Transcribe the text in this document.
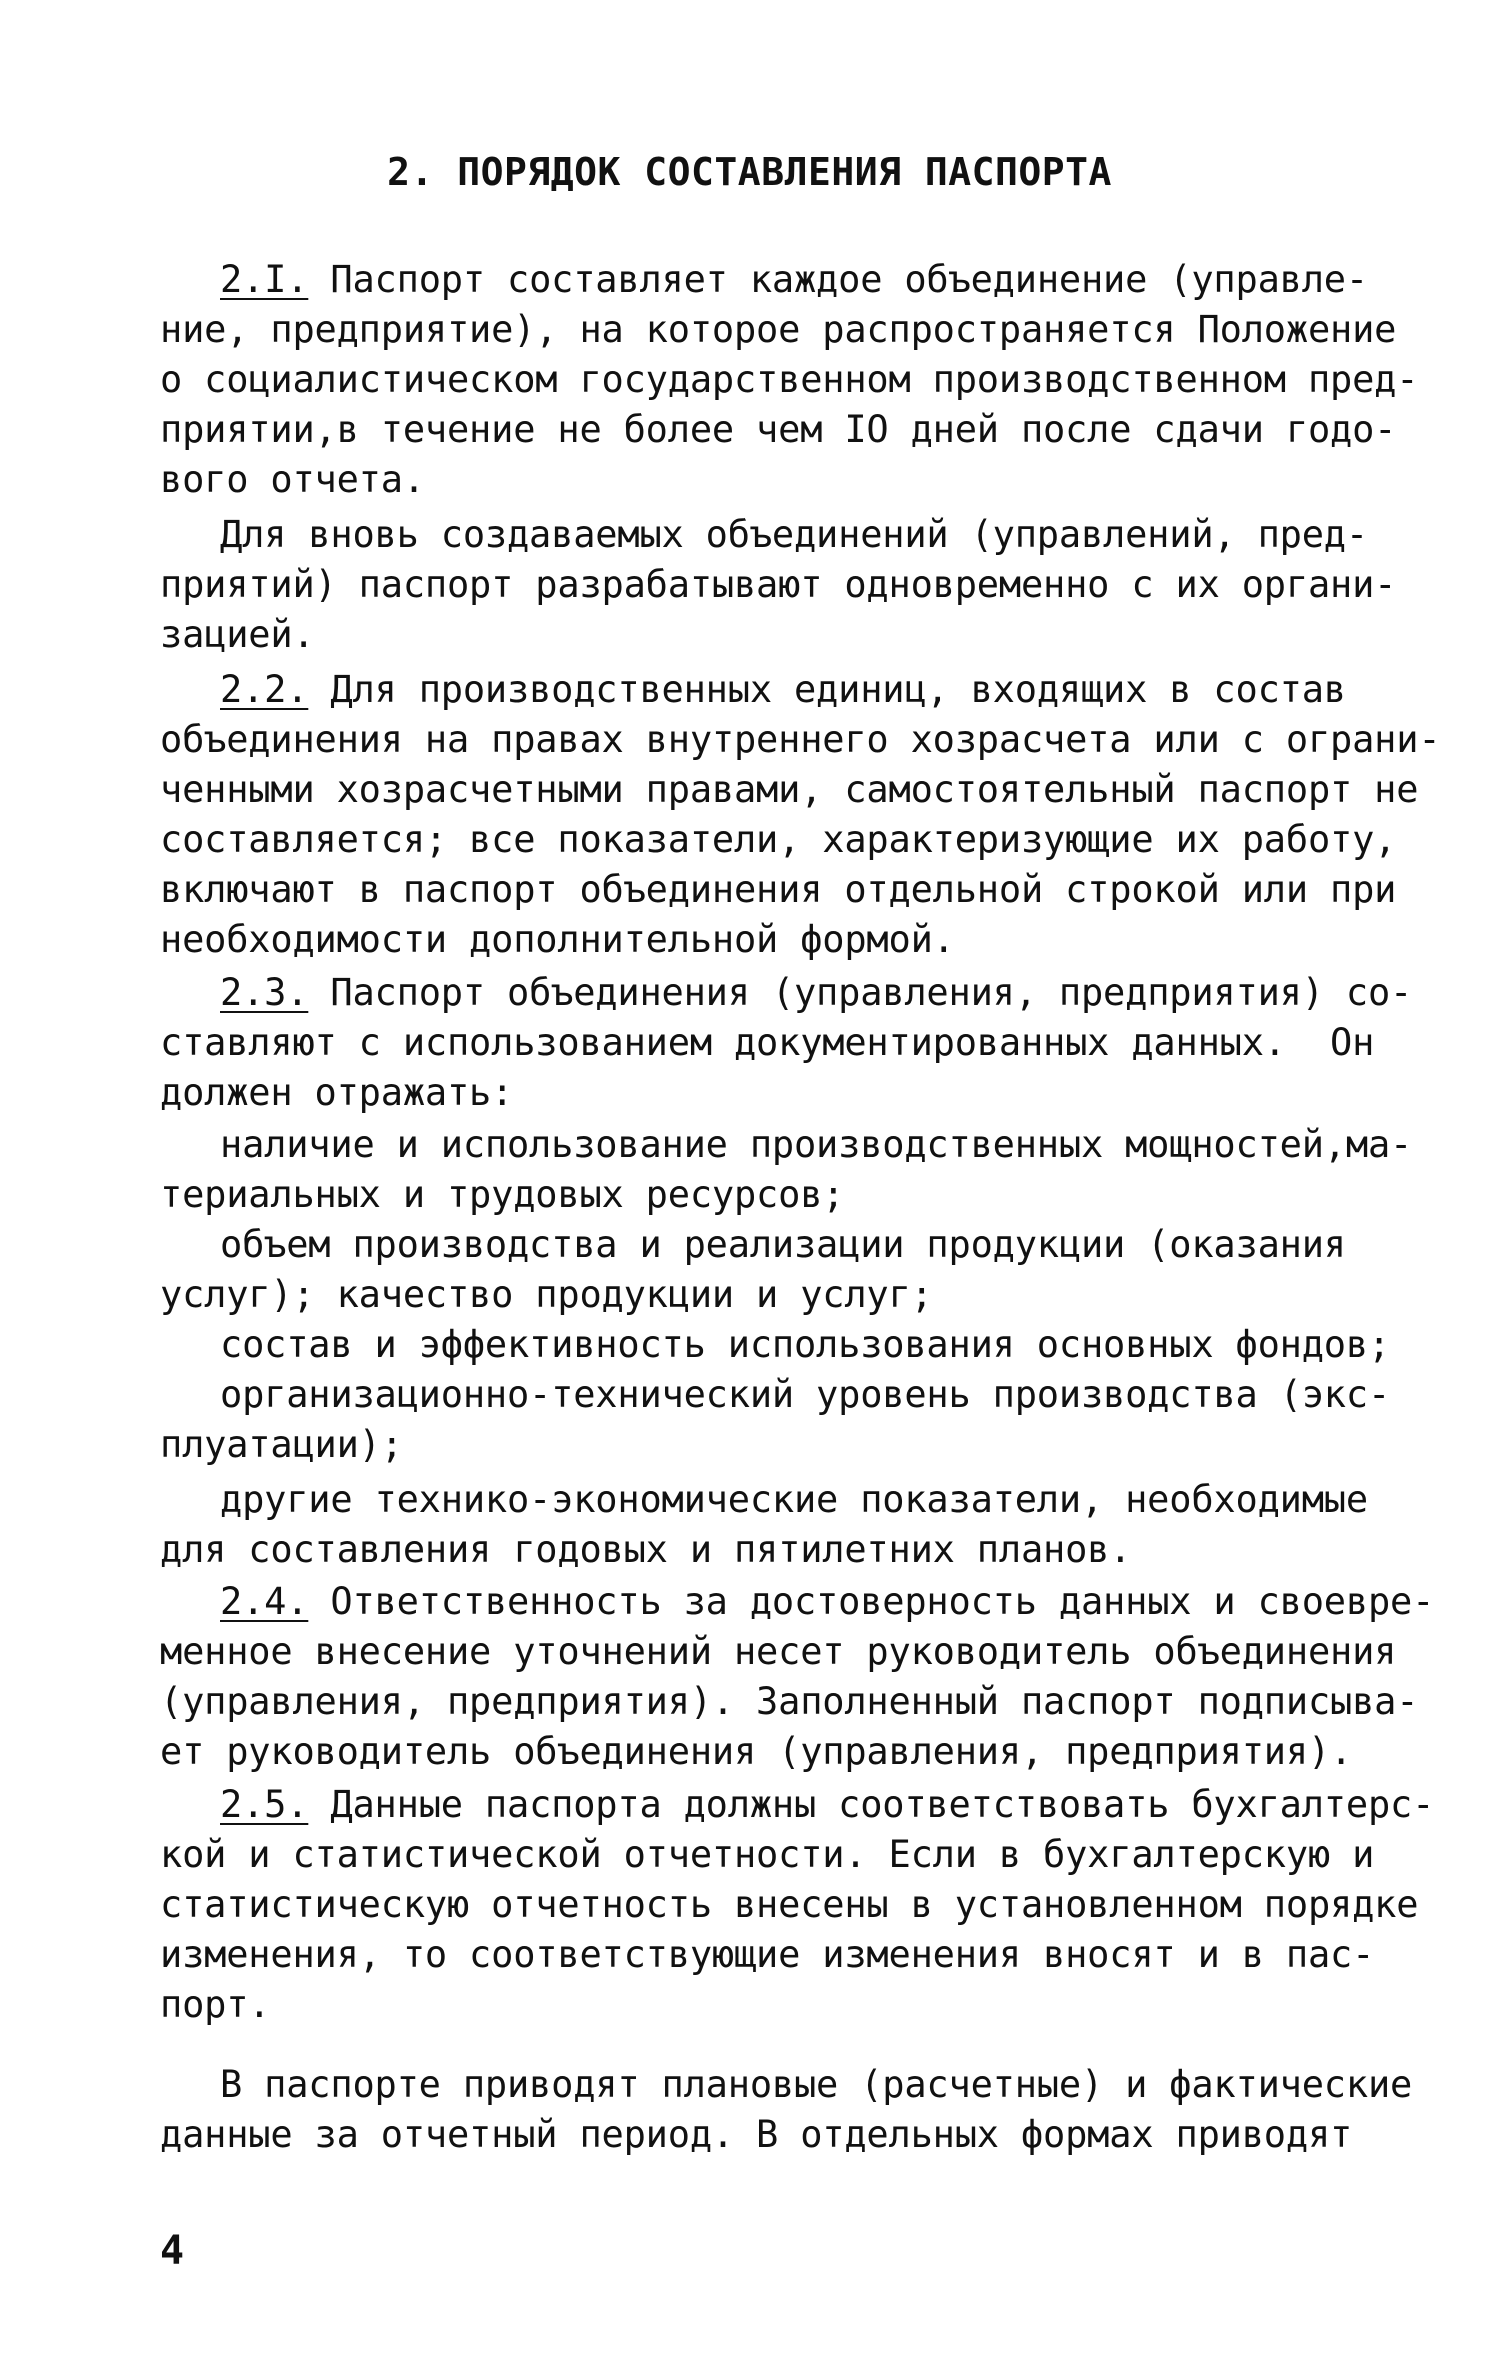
2. ПОРЯДОК СОСТАВЛЕНИЯ ПАСПОРТА
2.I. Паспорт составляет каждое объединение (управле-
ние, предприятие), на которое распространяется Положение
о социалистическом государственном производственном пред-
приятии,в течение не более чем IO дней после сдачи годо-
вого отчета.
Для вновь создаваемых объединений (управлений, пред-
приятий) паспорт разрабатывают одновременно с их органи-
зацией.
2.2. Для производственных единиц, входящих в состав
объединения на правах внутреннего хозрасчета или с ограни-
ченными хозрасчетными правами, самостоятельный паспорт не
составляется; все показатели, характеризующие их работу,
включают в паспорт объединения отдельной строкой или при
необходимости дополнительной формой.
2.3. Паспорт объединения (управления, предприятия) со-
ставляют с использованием документированных данных.  Он
должен отражать:
наличие и использование производственных мощностей,ма-
териальных и трудовых ресурсов;
объем производства и реализации продукции (оказания
услуг); качество продукции и услуг;
состав и эффективность использования основных фондов;
организационно-технический уровень производства (экс-
плуатации);
другие технико-экономические показатели, необходимые
для составления годовых и пятилетних планов.
2.4. Ответственность за достоверность данных и своевре-
менное внесение уточнений несет руководитель объединения
(управления, предприятия). Заполненный паспорт подписыва-
ет руководитель объединения (управления, предприятия).
2.5. Данные паспорта должны соответствовать бухгалтерс-
кой и статистической отчетности. Если в бухгалтерскую и
статистическую отчетность внесены в установленном порядке
изменения, то соответствующие изменения вносят и в пас-
порт.
В паспорте приводят плановые (расчетные) и фактические
данные за отчетный период. В отдельных формах приводят
4
